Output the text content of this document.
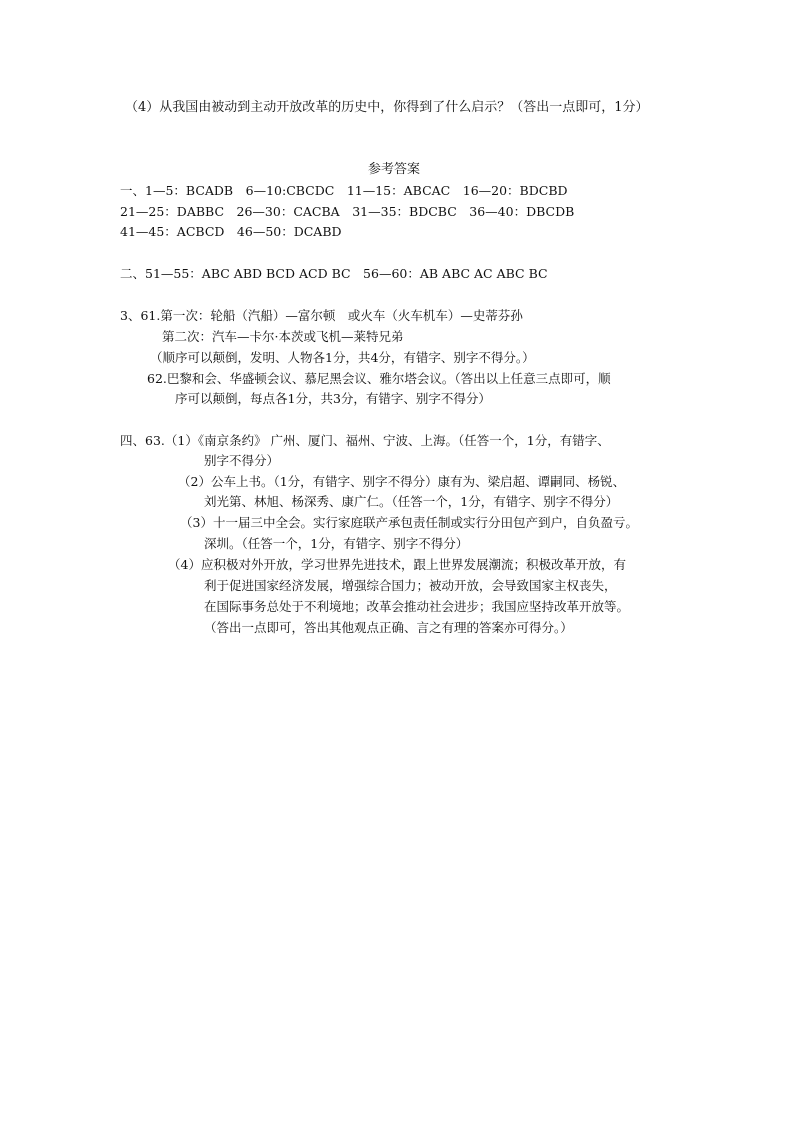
（4）从我国由被动到主动开放改革的历史中，你得到了什么启示？（答出一点即可，1分）
参考答案
一、1—5：BCADB　6—10:CBCDC　11—15：ABCAC　16—20：BDCBD
21—25：DABBC　26—30：CACBA　31—35：BDCBC　36—40：DBCDB
41—45：ACBCD　46—50：DCABD
二、51—55：ABC ABD BCD ACD BC　56—60：AB ABC AC ABC BC
3、61.第一次：轮船（汽船）—富尔顿　或火车（火车机车）—史蒂芬孙
第二次：汽车—卡尔·本茨或飞机—莱特兄弟
（顺序可以颠倒，发明、人物各1分，共4分，有错字、别字不得分。）
62.巴黎和会、华盛顿会议、慕尼黑会议、雅尔塔会议。（答出以上任意三点即可，顺
序可以颠倒，每点各1分，共3分，有错字、别字不得分）
四、63.（1）《南京条约》 广州、厦门、福州、宁波、上海。（任答一个，1分，有错字、
别字不得分）
（2）公车上书。（1分，有错字、别字不得分）康有为、梁启超、谭嗣同、杨锐、
刘光第、林旭、杨深秀、康广仁。（任答一个，1分，有错字、别字不得分）
（3）十一届三中全会。实行家庭联产承包责任制或实行分田包产到户，自负盈亏。
深圳。（任答一个，1分，有错字、别字不得分）
（4）应积极对外开放，学习世界先进技术，跟上世界发展潮流；积极改革开放，有
利于促进国家经济发展，增强综合国力；被动开放，会导致国家主权丧失，
在国际事务总处于不利境地；改革会推动社会进步；我国应坚持改革开放等。
（答出一点即可，答出其他观点正确、言之有理的答案亦可得分。）
